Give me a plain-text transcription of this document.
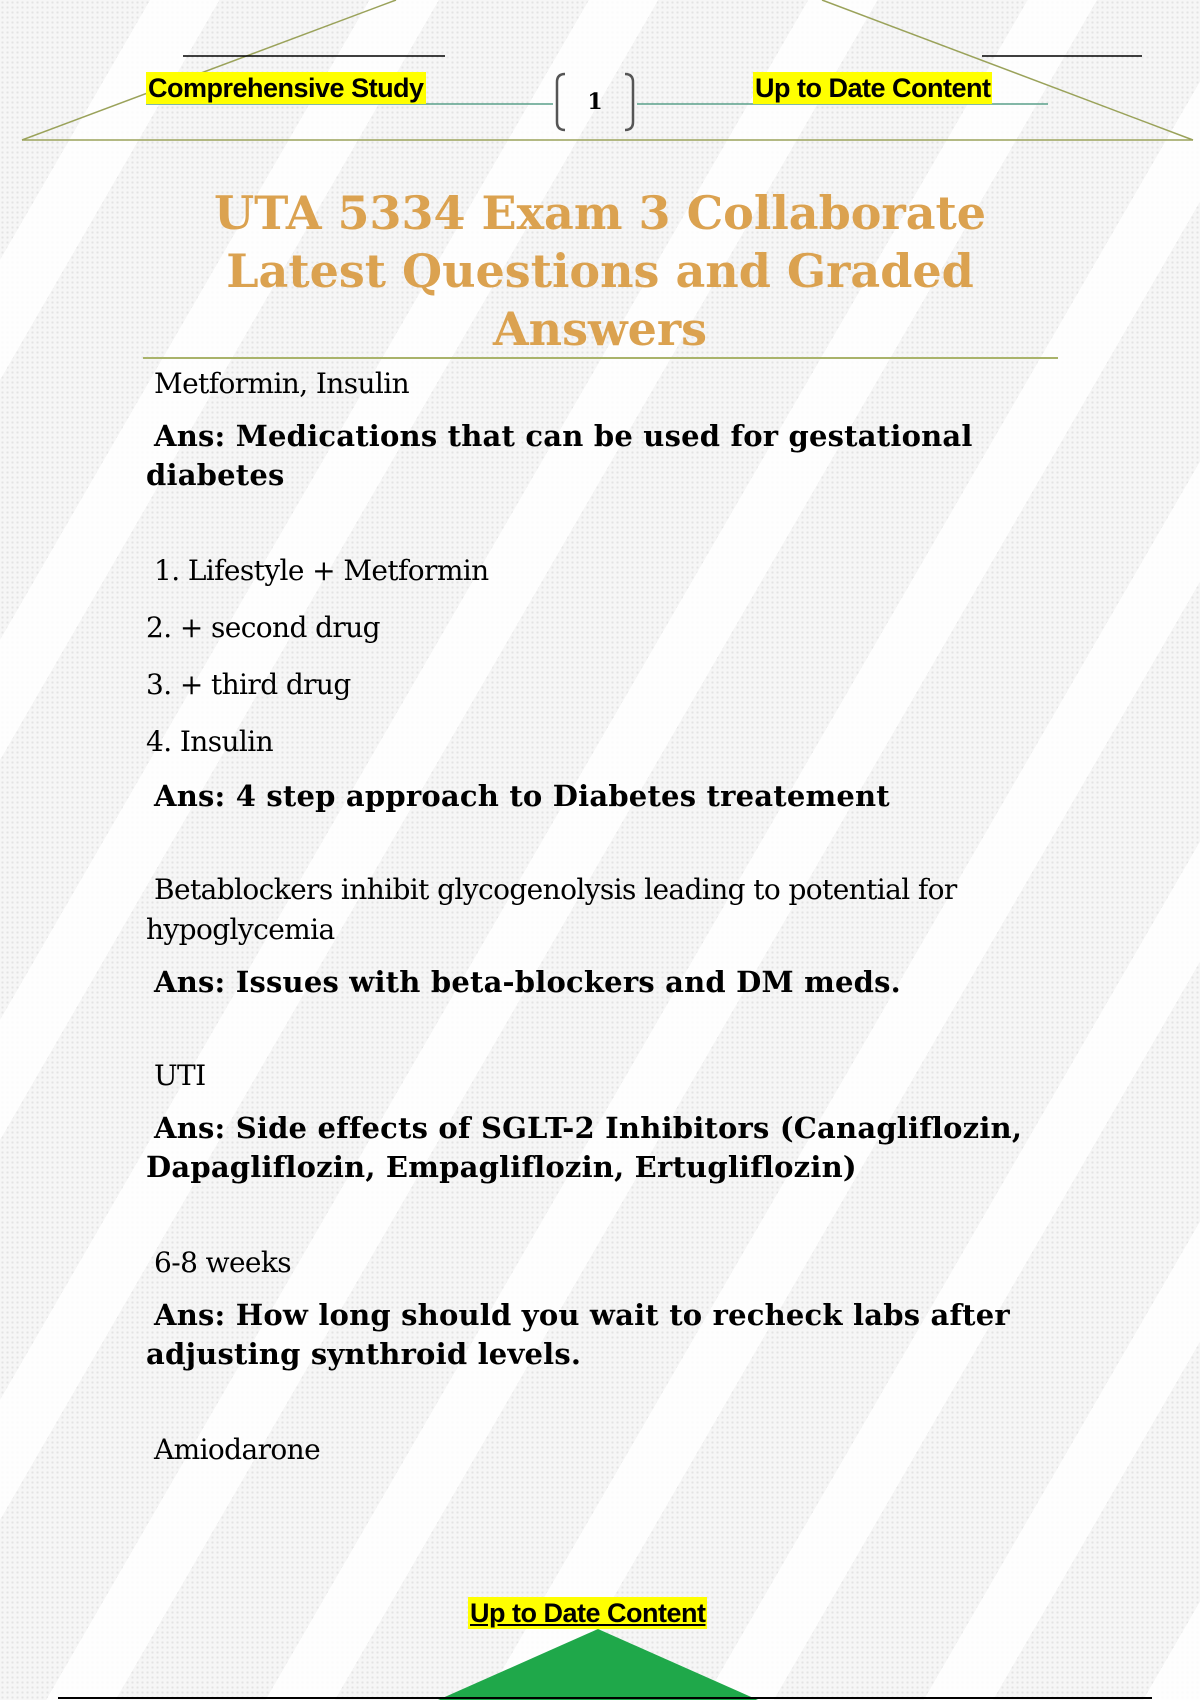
Comprehensive Study	Up to Date Content
1
UTA 5334 Exam 3 Collaborate
Latest Questions and Graded
Answers

Metformin, Insulin

Ans: Medications that can be used for gestational

diabetes

1. Lifestyle + Metformin

2. + second drug

3. + third drug

4. Insulin

Ans: 4 step approach to Diabetes treatement

Betablockers inhibit glycogenolysis leading to potential for

hypoglycemia

Ans: Issues with beta-blockers and DM meds.

UTI

Ans: Side effects of SGLT-2 Inhibitors (Canagliflozin,

Dapagliflozin, Empagliflozin, Ertugliflozin)

6-8 weeks

Ans: How long should you wait to recheck labs after

adjusting synthroid levels.

Amiodarone

Up to Date Content
